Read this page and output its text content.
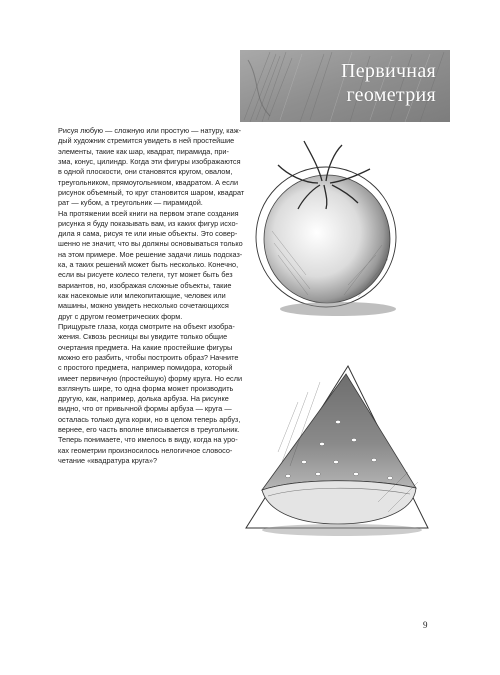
Первичная
геометрия
Рисуя любую — сложную или простую — натуру, каж-
дый художник стремится увидеть в ней простейшие
элементы, такие как шар, квадрат, пирамида, при-
зма, конус, цилиндр. Когда эти фигуры изображаются
в одной плоскости, они становятся кругом, овалом,
треугольником, прямоугольником, квадратом. А если
рисунок объемный, то круг становится шаром, квадрат
рат — кубом, а треугольник — пирамидой.
На протяжении всей книги на первом этапе создания
рисунка я буду показывать вам, из каких фигур исхо-
дила я сама, рисуя те или иные объекты. Это совер-
шенно не значит, что вы должны основываться только
на этом примере. Мое решение задачи лишь подсказ-
ка, а таких решений может быть несколько. Конечно,
если вы рисуете колесо телеги, тут может быть без
вариантов, но, изображая сложные объекты, такие
как насекомые или млекопитающие, человек или
машины, можно увидеть несколько сочетающихся
друг с другом геометрических форм.
Прищурьте глаза, когда смотрите на объект изобра-
жения. Сквозь ресницы вы увидите только общие
очертания предмета. На какие простейшие фигуры
можно его разбить, чтобы построить образ? Начните
с простого предмета, например помидора, который
имеет первичную (простейшую) форму круга. Но если
взглянуть шире, то одна форма может производить
другую, как, например, долька арбуза. На рисунке
видно, что от привычной формы арбуза — круга —
осталась только дуга корки, но в целом теперь арбуз,
вернее, его часть вполне вписывается в треугольник.
Теперь понимаете, что имелось в виду, когда на уро-
ках геометрии произносилось нелогичное словосо-
четание «квадратура круга»?
9
